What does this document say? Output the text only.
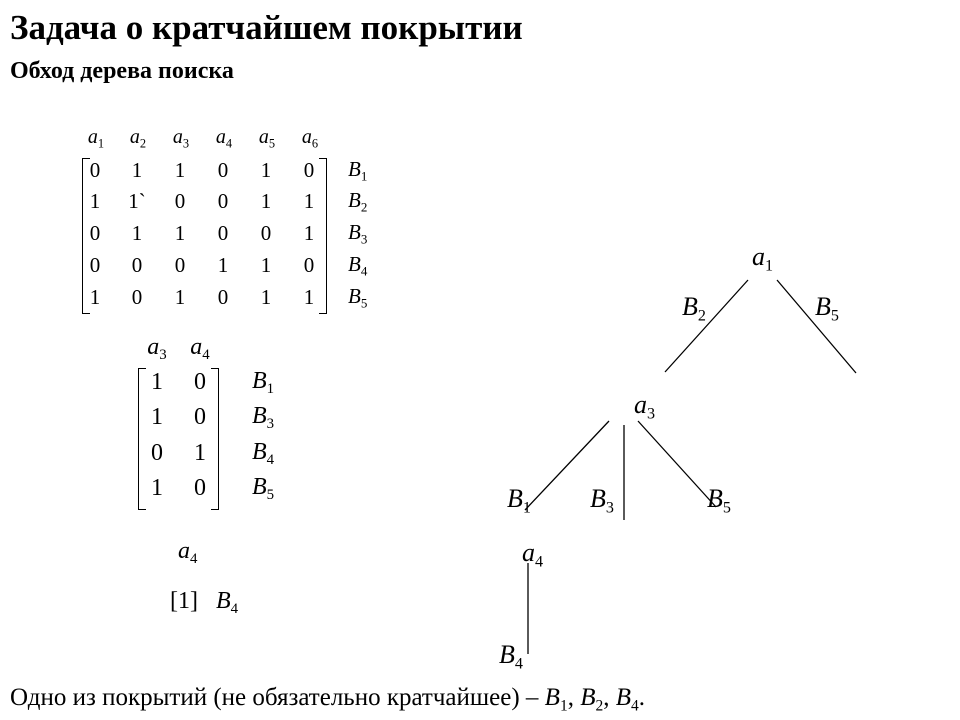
Задача о кратчайшем покрытии
Обход дерева поиска
$a_1$	$a_2$	$a_3$	$a_4$	$a_5$	$a_6$
0	1	1	0	1	0	$B_1$
1	1`	0	0	1	1	$B_2$
0	1	1	0	0	1	$B_3$
0	0	0	1	1	0	$B_4$
1	0	1	0	1	1	$B_5$
$a_3$ $a_4$
1	0	$B_1$
1	0	$B_3$
0	1	$B_4$
1	0	$B_5$
$a_4$
[1] $B_4$
$a_1$
$a_3$
$a_4$
$B_2$	$B_5$
$B_1$ $B_3$	$B_5$
$B_4$
Одно из покрытий (не обязательно кратчайшее) – $B_1$, $B_2$, $B_4$.
